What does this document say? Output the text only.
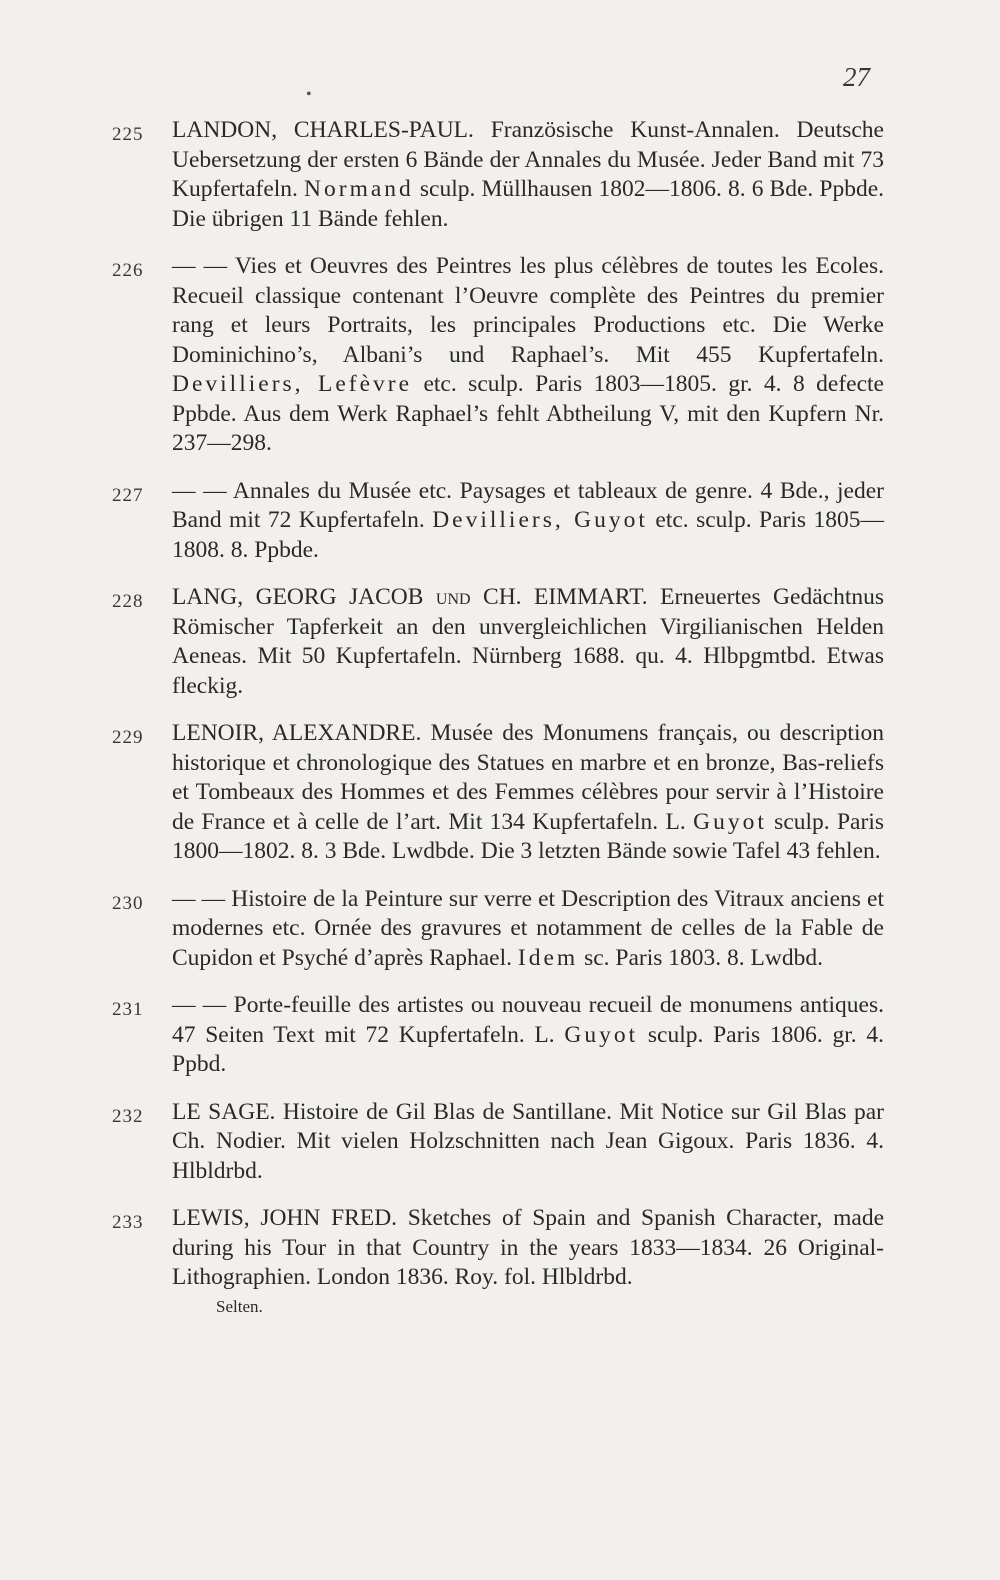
•
27
225 LANDON, CHARLES-PAUL. Französische Kunst-Annalen. Deutsche Uebersetzung der ersten 6 Bände der Annales du Musée. Jeder Band mit 73 Kupfertafeln. Normand sculp. Müllhausen 1802—1806. 8. 6 Bde. Ppbde. Die übrigen 11 Bände fehlen.
226 — — Vies et Oeuvres des Peintres les plus célèbres de toutes les Ecoles. Recueil classique contenant l’Oeuvre complète des Peintres du premier rang et leurs Portraits, les principales Productions etc. Die Werke Dominichino’s, Albani’s und Raphael’s. Mit 455 Kupfertafeln. Devilliers, Lefèvre etc. sculp. Paris 1803—1805. gr. 4. 8 defecte Ppbde. Aus dem Werk Raphael’s fehlt Abtheilung V, mit den Kupfern Nr. 237—298.
227 — — Annales du Musée etc. Paysages et tableaux de genre. 4 Bde., jeder Band mit 72 Kupfertafeln. Devilliers, Guyot etc. sculp. Paris 1805—1808. 8. Ppbde.
228 LANG, GEORG JACOB und CH. EIMMART. Erneuertes Gedächtnus Römischer Tapferkeit an den unvergleichlichen Virgilianischen Helden Aeneas. Mit 50 Kupfertafeln. Nürnberg 1688. qu. 4. Hlbpgmtbd. Etwas fleckig.
229 LENOIR, ALEXANDRE. Musée des Monumens français, ou description historique et chronologique des Statues en marbre et en bronze, Bas-reliefs et Tombeaux des Hommes et des Femmes célèbres pour servir à l’Histoire de France et à celle de l’art. Mit 134 Kupfertafeln. L. Guyot sculp. Paris 1800—1802. 8. 3 Bde. Lwdbde. Die 3 letzten Bände sowie Tafel 43 fehlen.
230 — — Histoire de la Peinture sur verre et Description des Vitraux anciens et modernes etc. Ornée des gravures et notamment de celles de la Fable de Cupidon et Psyché d’après Raphael. Idem sc. Paris 1803. 8. Lwdbd.
231 — — Porte-feuille des artistes ou nouveau recueil de monumens antiques. 47 Seiten Text mit 72 Kupfertafeln. L. Guyot sculp. Paris 1806. gr. 4. Ppbd.
232 LE SAGE. Histoire de Gil Blas de Santillane. Mit Notice sur Gil Blas par Ch. Nodier. Mit vielen Holzschnitten nach Jean Gigoux. Paris 1836. 4. Hlbldrbd.
233 LEWIS, JOHN FRED. Sketches of Spain and Spanish Character, made during his Tour in that Country in the years 1833—1834. 26 Original-Lithographien. London 1836. Roy. fol. Hlbldrbd.
Selten.
